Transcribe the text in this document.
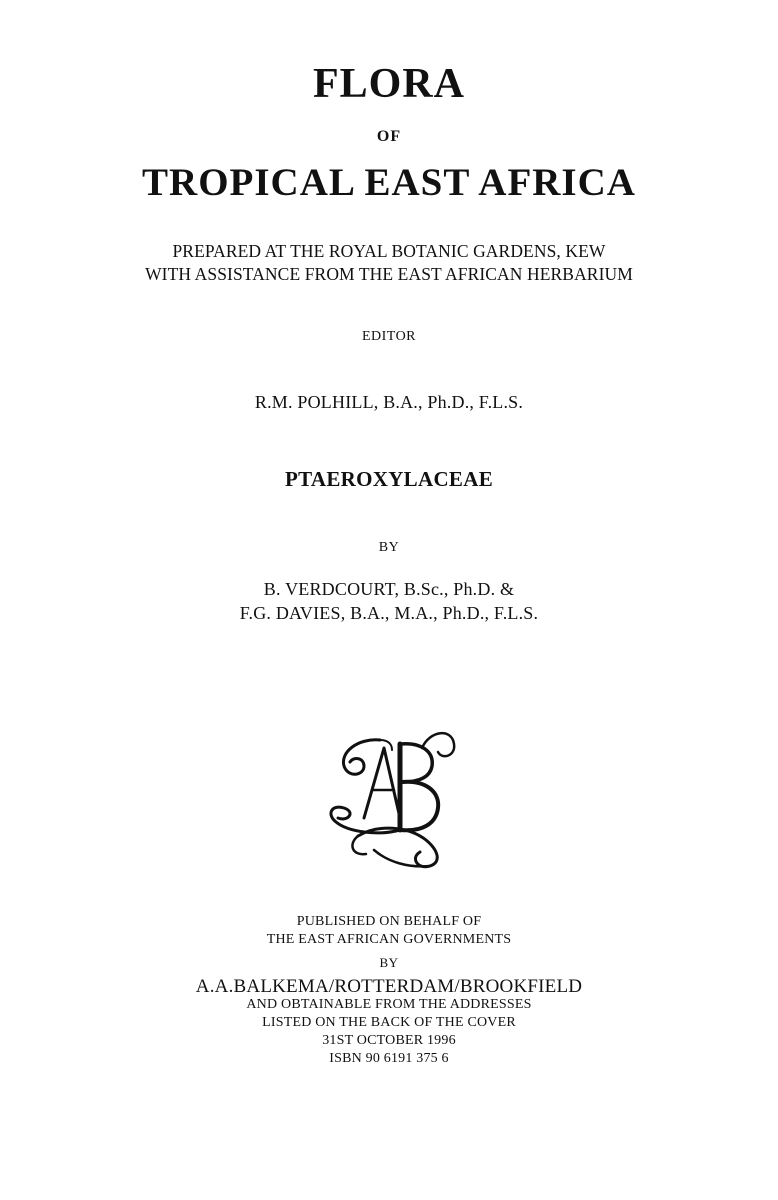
FLORA
OF
TROPICAL EAST AFRICA
PREPARED AT THE ROYAL BOTANIC GARDENS, KEW
WITH ASSISTANCE FROM THE EAST AFRICAN HERBARIUM
EDITOR
R.M. POLHILL, B.A., Ph.D., F.L.S.
PTAEROXYLACEAE
BY
B. VERDCOURT, B.Sc., Ph.D. &
F.G. DAVIES, B.A., M.A., Ph.D., F.L.S.
PUBLISHED ON BEHALF OF
THE EAST AFRICAN GOVERNMENTS
BY
A.A.BALKEMA/ROTTERDAM/BROOKFIELD
AND OBTAINABLE FROM THE ADDRESSES
LISTED ON THE BACK OF THE COVER
31ST OCTOBER 1996
ISBN 90 6191 375 6
